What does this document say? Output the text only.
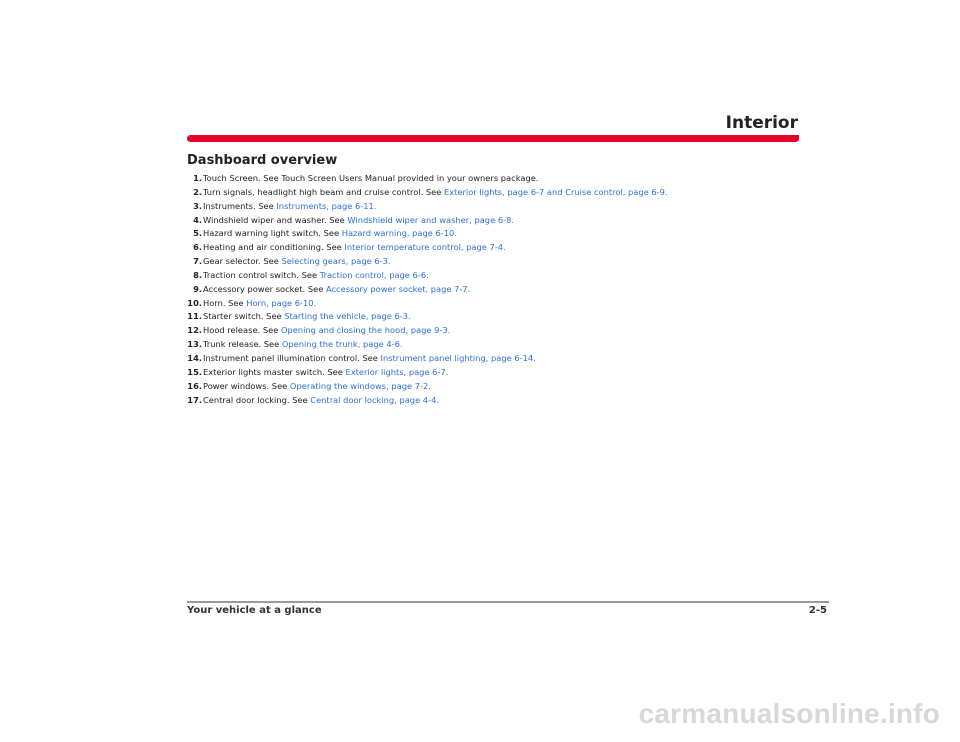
Interior
Dashboard overview
1.Touch Screen. See Touch Screen Users Manual provided in your owners package.
2.Turn signals, headlight high beam and cruise control. See Exterior lights, page 6-7 and Cruise control, page 6-9.
3.Instruments. See Instruments, page 6-11.
4.Windshield wiper and washer. See Windshield wiper and washer, page 6-8.
5.Hazard warning light switch. See Hazard warning, page 6-10.
6.Heating and air conditioning. See Interior temperature control, page 7-4.
7.Gear selector. See Selecting gears, page 6-3.
8.Traction control switch. See Traction control, page 6-6.
9.Accessory power socket. See Accessory power socket, page 7-7.
10.Horn. See Horn, page 6-10.
11.Starter switch. See Starting the vehicle, page 6-3.
12.Hood release. See Opening and closing the hood, page 9-3.
13.Trunk release. See Opening the trunk, page 4-6.
14.Instrument panel illumination control. See Instrument panel lighting, page 6-14.
15.Exterior lights master switch. See Exterior lights, page 6-7.
16.Power windows. See Operating the windows, page 7-2.
17.Central door locking. See Central door locking, page 4-4.
Your vehicle at a glance	2-5
carmanualsonline.info
